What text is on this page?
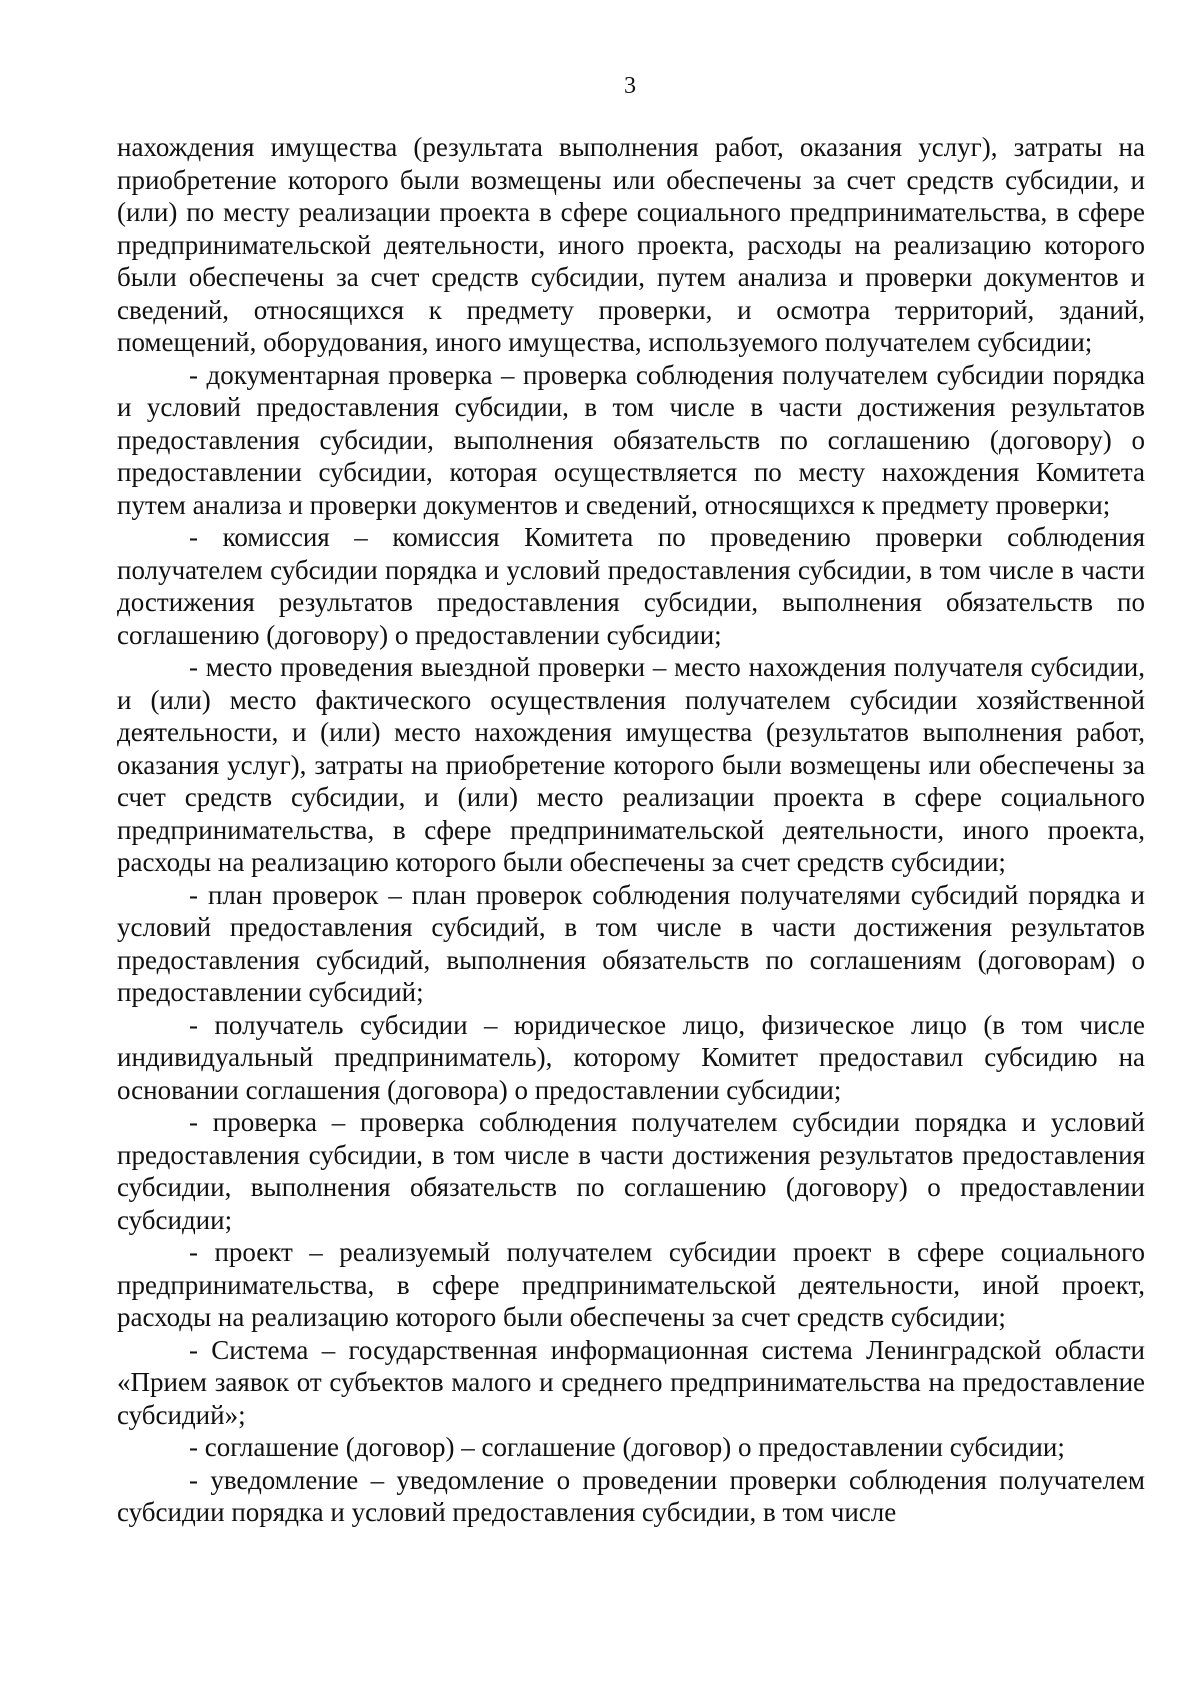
3

нахождения имущества (результата выполнения работ, оказания услуг), затраты на приобретение которого были возмещены или обеспечены за счет средств субсидии, и (или) по месту реализации проекта в сфере социального предпринимательства, в сфере предпринимательской деятельности, иного проекта, расходы на реализацию которого были обеспечены за счет средств субсидии, путем анализа и проверки документов и сведений, относящихся к предмету проверки, и осмотра территорий, зданий, помещений, оборудования, иного имущества, используемого получателем субсидии;

- документарная проверка – проверка соблюдения получателем субсидии порядка и условий предоставления субсидии, в том числе в части достижения результатов предоставления субсидии, выполнения обязательств по соглашению (договору) о предоставлении субсидии, которая осуществляется по месту нахождения Комитета путем анализа и проверки документов и сведений, относящихся к предмету проверки;

- комиссия – комиссия Комитета по проведению проверки соблюдения получателем субсидии порядка и условий предоставления субсидии, в том числе в части достижения результатов предоставления субсидии, выполнения обязательств по соглашению (договору) о предоставлении субсидии;

- место проведения выездной проверки – место нахождения получателя субсидии, и (или) место фактического осуществления получателем субсидии хозяйственной деятельности, и (или) место нахождения имущества (результатов выполнения работ, оказания услуг), затраты на приобретение которого были возмещены или обеспечены за счет средств субсидии, и (или) место реализации проекта в сфере социального предпринимательства, в сфере предпринимательской деятельности, иного проекта, расходы на реализацию которого были обеспечены за счет средств субсидии;

- план проверок – план проверок соблюдения получателями субсидий порядка и условий предоставления субсидий, в том числе в части достижения результатов предоставления субсидий, выполнения обязательств по соглашениям (договорам) о предоставлении субсидий;

- получатель субсидии – юридическое лицо, физическое лицо (в том числе индивидуальный предприниматель), которому Комитет предоставил субсидию на основании соглашения (договора) о предоставлении субсидии;

- проверка – проверка соблюдения получателем субсидии порядка и условий предоставления субсидии, в том числе в части достижения результатов предоставления субсидии, выполнения обязательств по соглашению (договору) о предоставлении субсидии;

- проект – реализуемый получателем субсидии проект в сфере социального предпринимательства, в сфере предпринимательской деятельности, иной проект, расходы на реализацию которого были обеспечены за счет средств субсидии;

- Система – государственная информационная система Ленинградской области «Прием заявок от субъектов малого и среднего предпринимательства на предоставление субсидий»;

- соглашение (договор) – соглашение (договор) о предоставлении субсидии;

- уведомление – уведомление о проведении проверки соблюдения получателем субсидии порядка и условий предоставления субсидии, в том числе
